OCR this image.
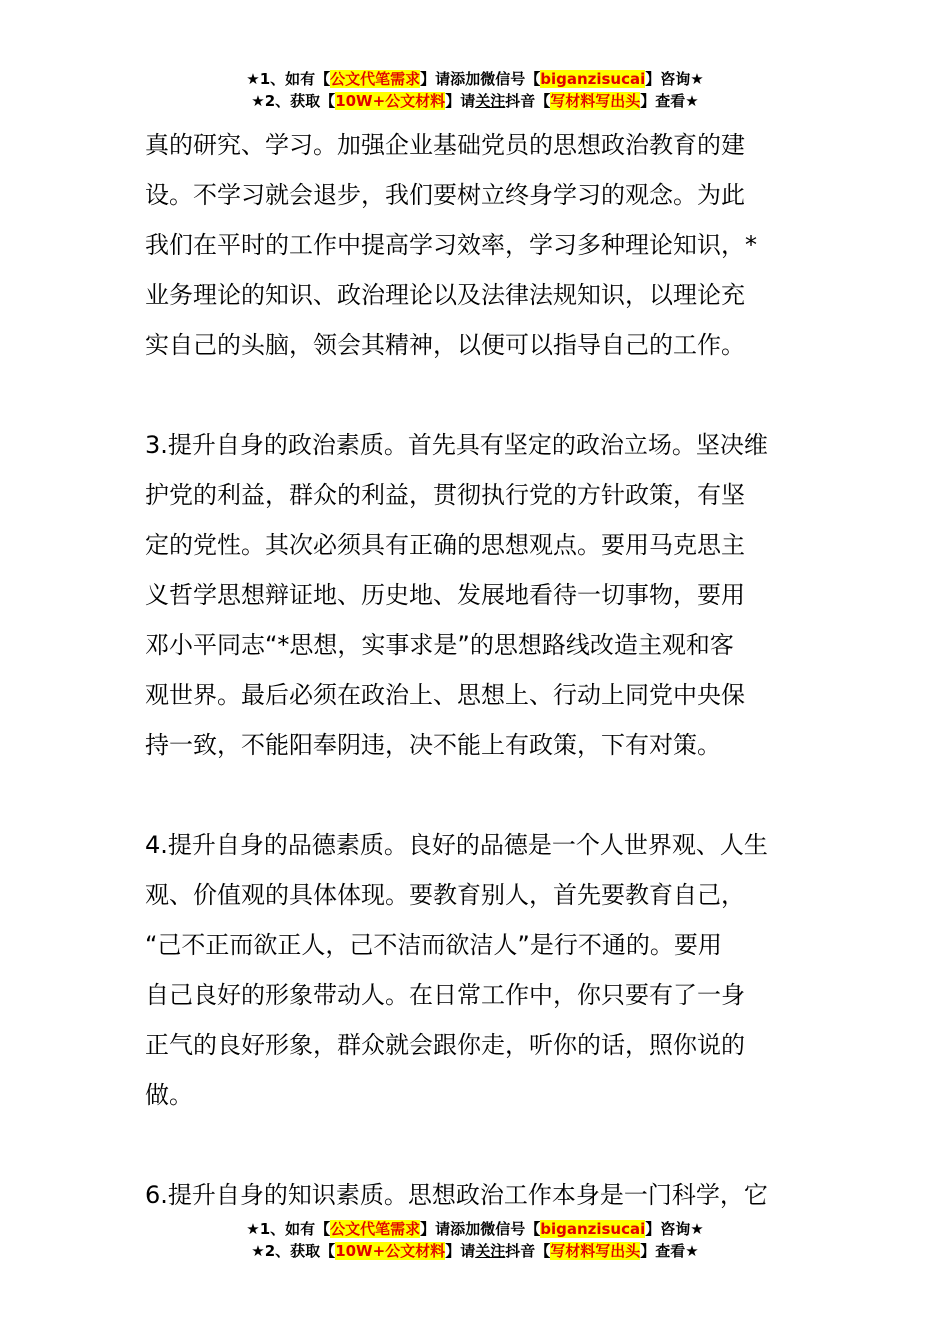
★1、如有【公文代笔需求】请添加微信号【biganzisucai】咨询★
★2、获取【10W+公文材料】请关注抖音【写材料写出头】查看★
真的研究、学习。加强企业基础党员的思想政治教育的建
设。不学习就会退步，我们要树立终身学习的观念。为此
我们在平时的工作中提高学习效率，学习多种理论知识，*
业务理论的知识、政治理论以及法律法规知识，以理论充
实自己的头脑，领会其精神，以便可以指导自己的工作。
3.提升自身的政治素质。首先具有坚定的政治立场。坚决维
护党的利益，群众的利益，贯彻执行党的方针政策，有坚
定的党性。其次必须具有正确的思想观点。要用马克思主
义哲学思想辩证地、历史地、发展地看待一切事物，要用
邓小平同志“*思想，实事求是”的思想路线改造主观和客
观世界。最后必须在政治上、思想上、行动上同党中央保
持一致，不能阳奉阴违，决不能上有政策，下有对策。
4.提升自身的品德素质。良好的品德是一个人世界观、人生
观、价值观的具体体现。要教育别人，首先要教育自己，
“己不正而欲正人，己不洁而欲洁人”是行不通的。要用
自己良好的形象带动人。在日常工作中，你只要有了一身
正气的良好形象，群众就会跟你走，听你的话，照你说的
做。
6.提升自身的知识素质。思想政治工作本身是一门科学，它
★1、如有【公文代笔需求】请添加微信号【biganzisucai】咨询★
★2、获取【10W+公文材料】请关注抖音【写材料写出头】查看★
